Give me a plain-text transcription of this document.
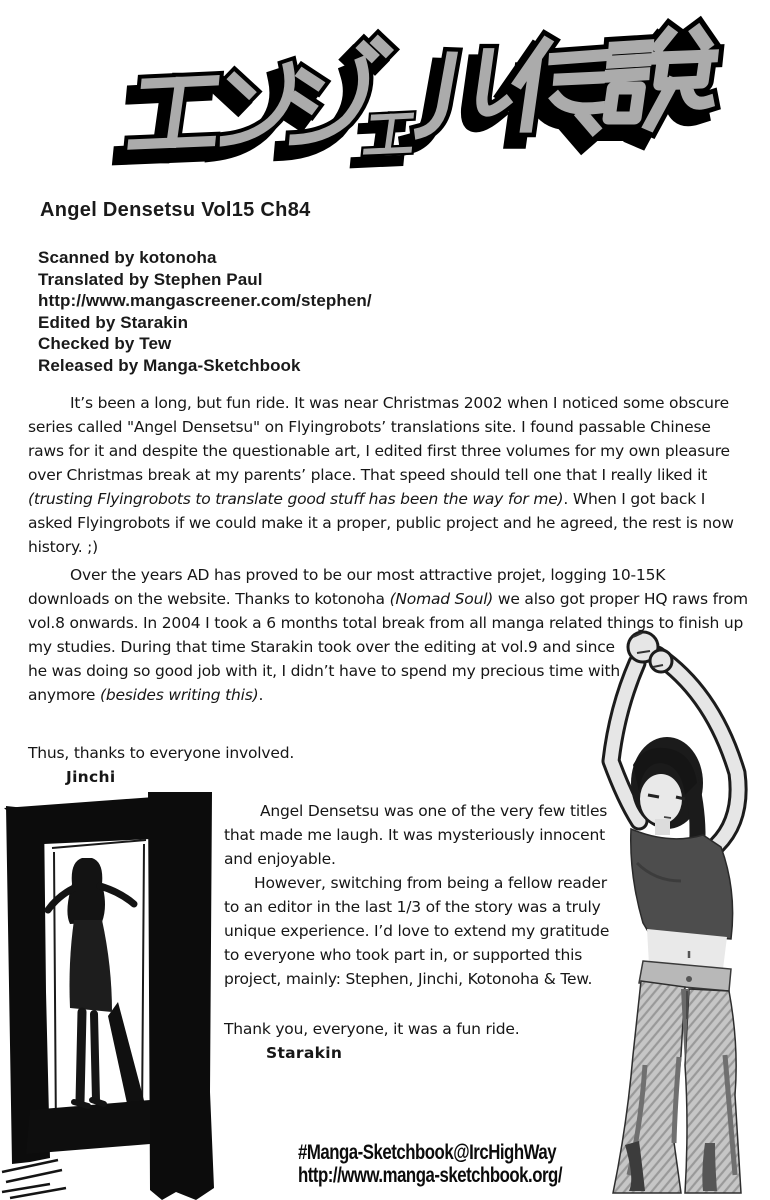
Angel Densetsu Vol15 Ch84
Scanned by kotonoha
Translated by Stephen Paul
http://www.mangascreener.com/stephen/
Edited by Starakin
Checked by Tew
Released by Manga-Sketchbook
It’s been a long, but fun ride. It was near Christmas 2002 when I noticed some obscure series called "Angel Densetsu" on Flyingrobots’ translations site. I found passable Chinese raws for it and despite the questionable art, I edited first three volumes for my own pleasure over Christmas break at my parents’ place. That speed should tell one that I really liked it (trusting Flyingrobots to translate good stuff has been the way for me). When I got back I asked Flyingrobots if we could make it a proper, public project and he agreed, the rest is now history. ;)
Over the years AD has proved to be our most attractive projet, logging 10-15K downloads on the website. Thanks to kotonoha (Nomad Soul) we also got proper HQ raws from vol.8 onwards. In 2004 I took a 6 months total break from all manga related things to finish up my studies. During that time Starakin took over the editing at vol.9 and since he was doing so good job with it, I didn’t have to spend my precious time with it anymore (besides writing this).
Thus, thanks to everyone involved.
Jinchi

Angel Densetsu was one of the very few titles that made me laugh. It was mysteriously innocent and enjoyable.

However, switching from being a fellow reader to an editor in the last 1/3 of the story was a truly unique experience. I’d love to extend my gratitude to everyone who took part in, or supported this project, mainly: Stephen, Jinchi, Kotonoha & Tew.

Thank you, everyone, it was a fun ride.

Starakin
#Manga-Sketchbook@IrcHighWay
http://www.manga-sketchbook.org/
